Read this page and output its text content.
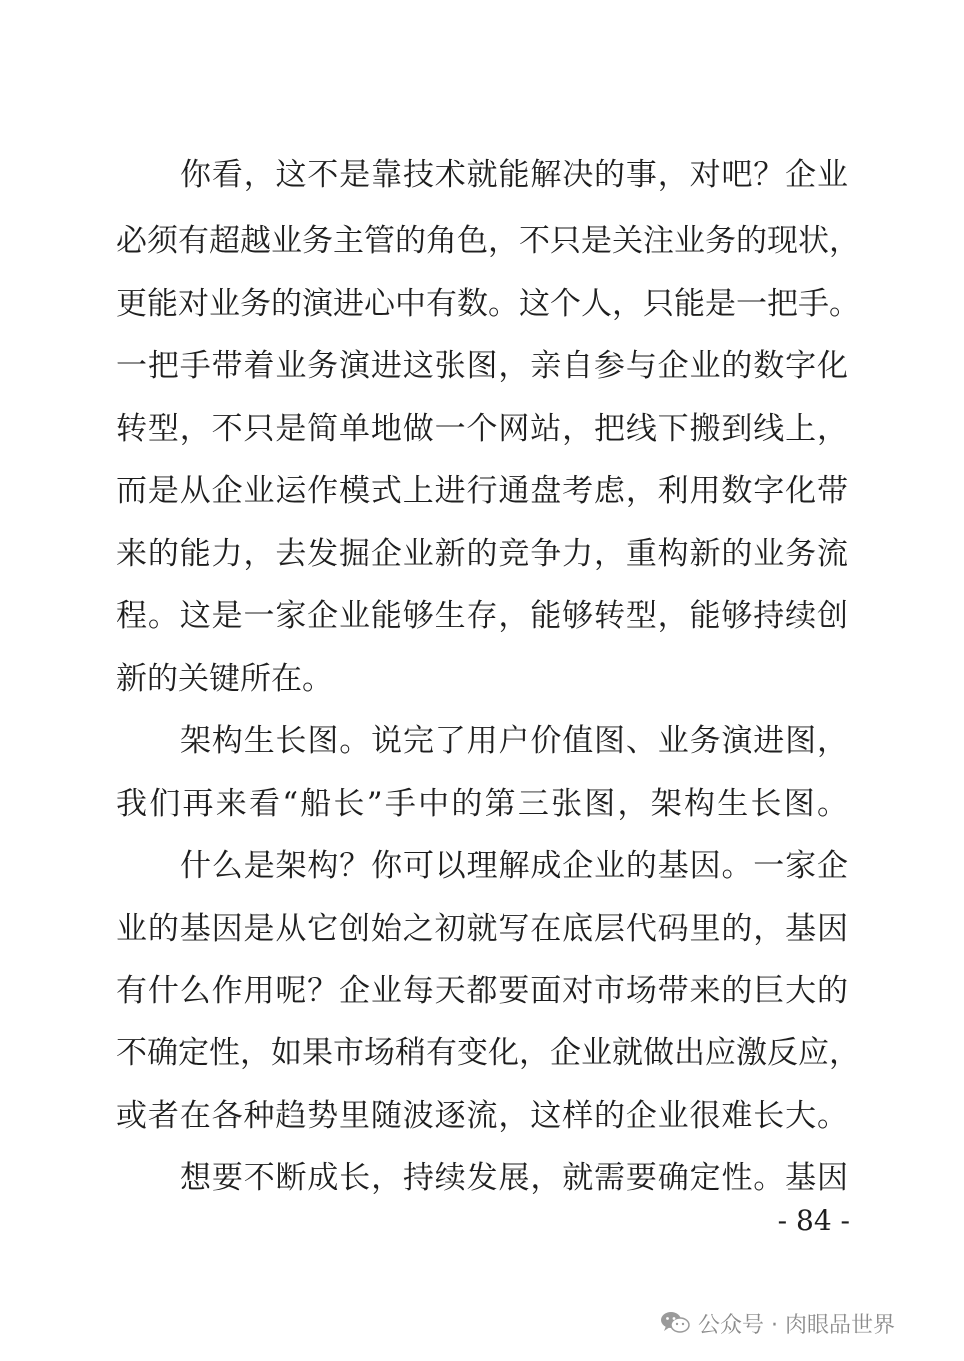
你看，这不是靠技术就能解决的事，对吧？企业
必须有超越业务主管的角色，不只是关注业务的现状，
更能对业务的演进心中有数。这个人，只能是一把手。
一把手带着业务演进这张图，亲自参与企业的数字化
转型，不只是简单地做一个网站，把线下搬到线上，
而是从企业运作模式上进行通盘考虑，利用数字化带
来的能力，去发掘企业新的竞争力，重构新的业务流
程。这是一家企业能够生存，能够转型，能够持续创
新的关键所在。
架构生长图。说完了用户价值图、业务演进图，
我们再来看“船长”手中的第三张图，架构生长图。
什么是架构？你可以理解成企业的基因。一家企
业的基因是从它创始之初就写在底层代码里的，基因
有什么作用呢？企业每天都要面对市场带来的巨大的
不确定性，如果市场稍有变化，企业就做出应激反应，
或者在各种趋势里随波逐流，这样的企业很难长大。
想要不断成长，持续发展，就需要确定性。基因
- 84 -
公众号 · 肉眼品世界
